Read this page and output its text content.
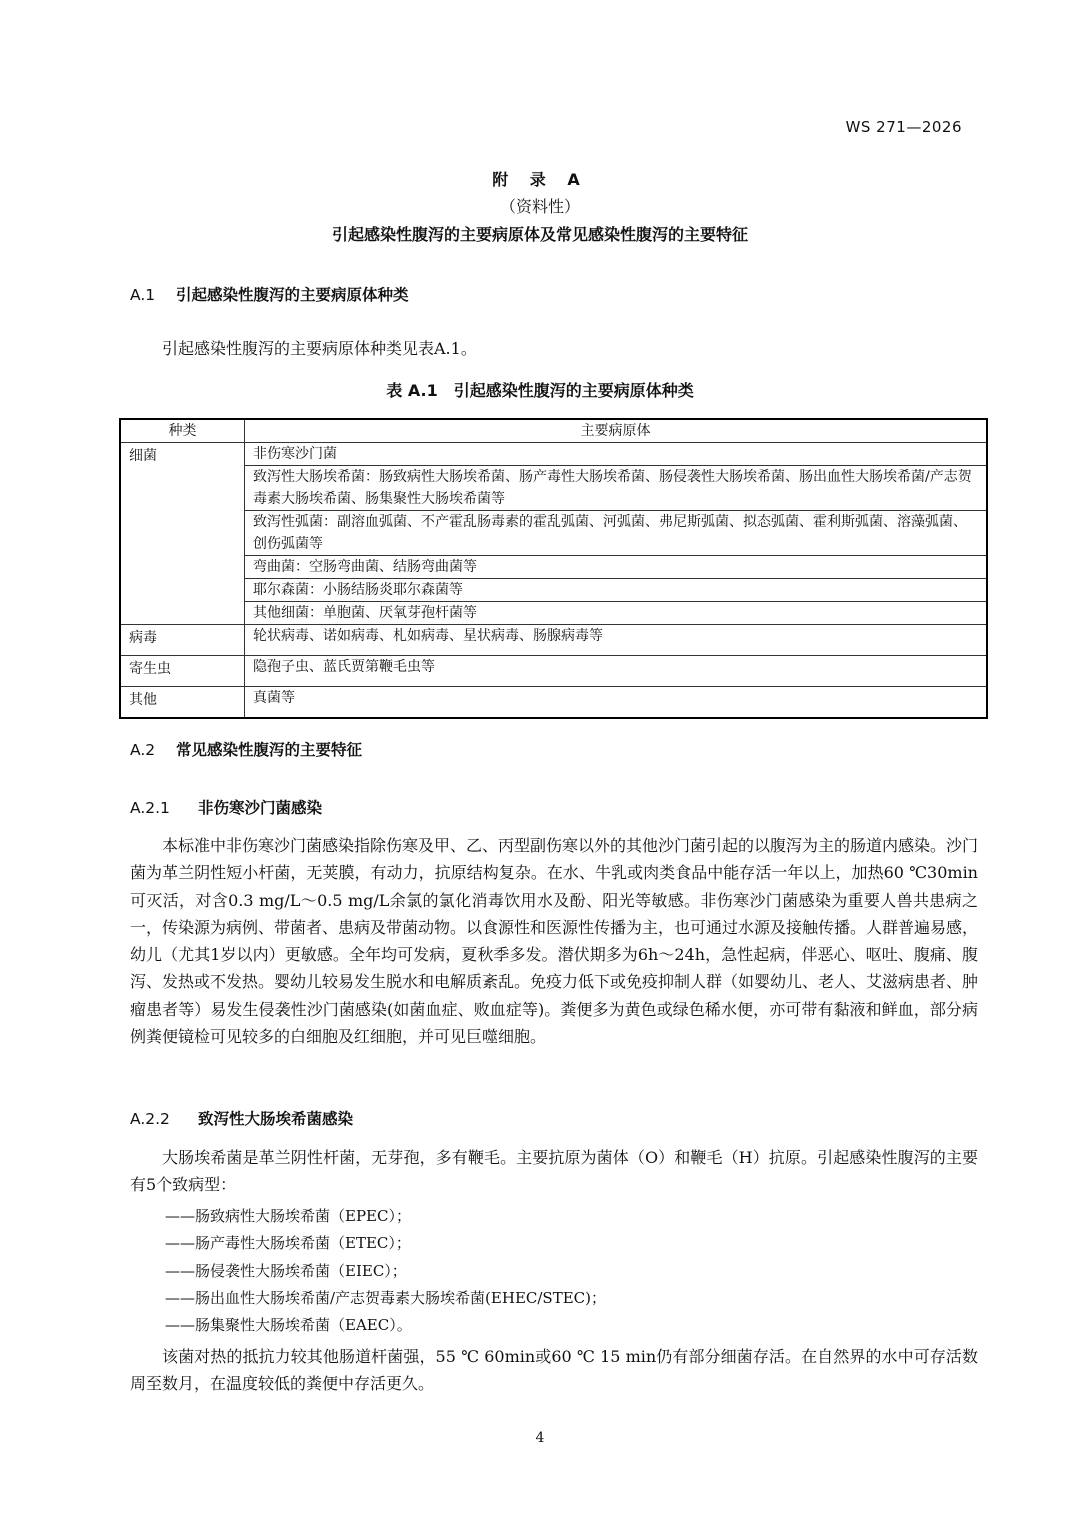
WS 271—2026
附 录 A
（资料性）
引起感染性腹泻的主要病原体及常见感染性腹泻的主要特征
A.1 引起感染性腹泻的主要病原体种类
引起感染性腹泻的主要病原体种类见表A.1。
表 A.1　引起感染性腹泻的主要病原体种类
种类	主要病原体
细菌	非伤寒沙门菌
	致泻性大肠埃希菌：肠致病性大肠埃希菌、肠产毒性大肠埃希菌、肠侵袭性大肠埃希菌、肠出血性大肠埃希菌/产志贺毒素大肠埃希菌、肠集聚性大肠埃希菌等
	致泻性弧菌：副溶血弧菌、不产霍乱肠毒素的霍乱弧菌、河弧菌、弗尼斯弧菌、拟态弧菌、霍利斯弧菌、溶藻弧菌、创伤弧菌等
	弯曲菌：空肠弯曲菌、结肠弯曲菌等
	耶尔森菌：小肠结肠炎耶尔森菌等
	其他细菌：单胞菌、厌氧芽孢杆菌等
病毒	轮状病毒、诺如病毒、札如病毒、星状病毒、肠腺病毒等
寄生虫	隐孢子虫、蓝氏贾第鞭毛虫等
其他	真菌等
A.2 常见感染性腹泻的主要特征
A.2.1 非伤寒沙门菌感染
本标准中非伤寒沙门菌感染指除伤寒及甲、乙、丙型副伤寒以外的其他沙门菌引起的以腹泻为主的肠道内感染。沙门菌为革兰阴性短小杆菌，无荚膜，有动力，抗原结构复杂。在水、牛乳或肉类食品中能存活一年以上，加热60 ℃30min可灭活，对含0.3 mg/L～0.5 mg/L余氯的氯化消毒饮用水及酚、阳光等敏感。非伤寒沙门菌感染为重要人兽共患病之一，传染源为病例、带菌者、患病及带菌动物。以食源性和医源性传播为主，也可通过水源及接触传播。人群普遍易感，幼儿（尤其1岁以内）更敏感。全年均可发病，夏秋季多发。潜伏期多为6h～24h，急性起病，伴恶心、呕吐、腹痛、腹泻、发热或不发热。婴幼儿较易发生脱水和电解质紊乱。免疫力低下或免疫抑制人群（如婴幼儿、老人、艾滋病患者、肿瘤患者等）易发生侵袭性沙门菌感染(如菌血症、败血症等)。粪便多为黄色或绿色稀水便，亦可带有黏液和鲜血，部分病例粪便镜检可见较多的白细胞及红细胞，并可见巨噬细胞。
A.2.2 致泻性大肠埃希菌感染
大肠埃希菌是革兰阴性杆菌，无芽孢，多有鞭毛。主要抗原为菌体（O）和鞭毛（H）抗原。引起感染性腹泻的主要有5个致病型：
——肠致病性大肠埃希菌（EPEC）；
——肠产毒性大肠埃希菌（ETEC）；
——肠侵袭性大肠埃希菌（EIEC）；
——肠出血性大肠埃希菌/产志贺毒素大肠埃希菌(EHEC/STEC)；
——肠集聚性大肠埃希菌（EAEC）。
该菌对热的抵抗力较其他肠道杆菌强，55 ℃ 60min或60 ℃ 15 min仍有部分细菌存活。在自然界的水中可存活数周至数月，在温度较低的粪便中存活更久。
4
